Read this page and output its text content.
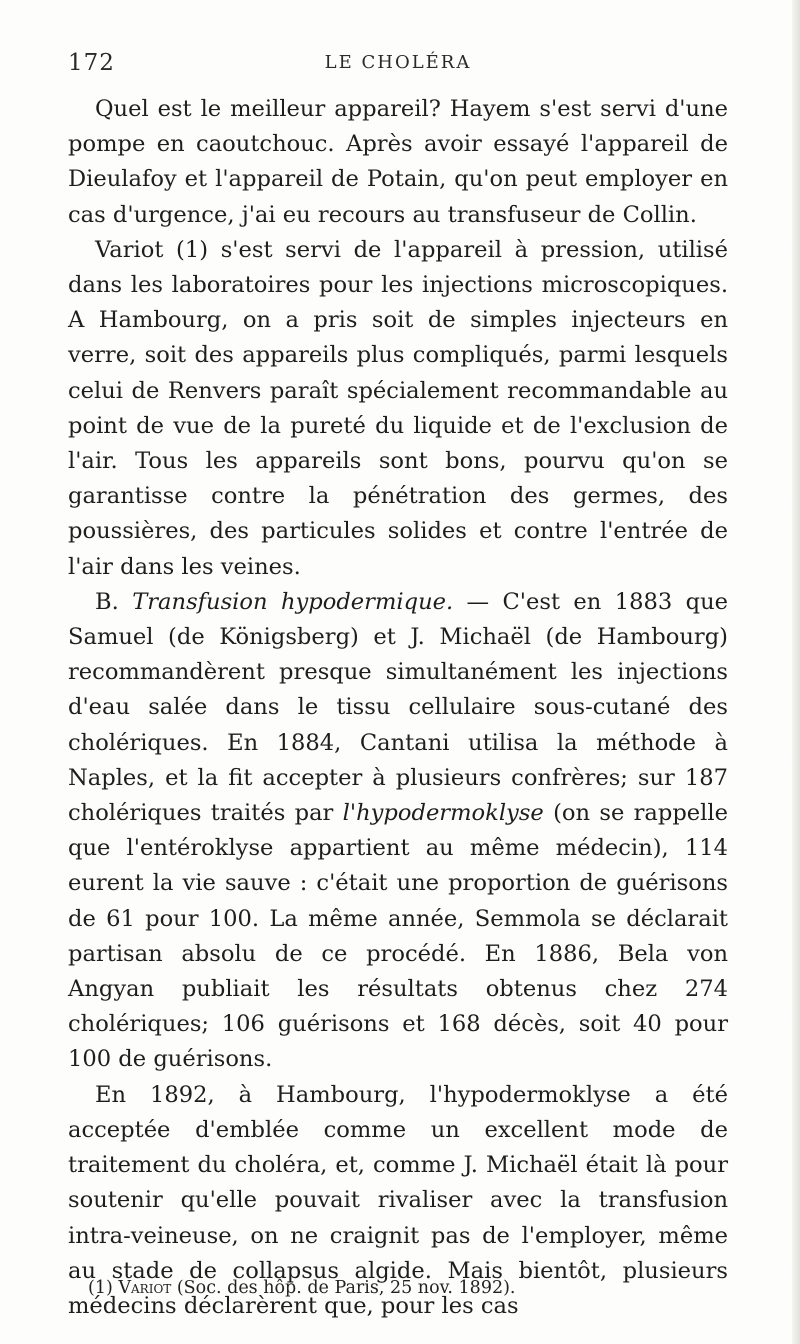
172	LE CHOLÉRA

Quel est le meilleur appareil? Hayem s'est servi d'une pompe en caoutchouc. Après avoir essayé l'appareil de Dieulafoy et l'appareil de Potain, qu'on peut employer en cas d'urgence, j'ai eu recours au transfuseur de Collin.

Variot (1) s'est servi de l'appareil à pression, utilisé dans les laboratoires pour les injections microscopiques. A Hambourg, on a pris soit de simples injecteurs en verre, soit des appareils plus compliqués, parmi lesquels celui de Renvers paraît spécialement recommandable au point de vue de la pureté du liquide et de l'exclusion de l'air. Tous les appareils sont bons, pourvu qu'on se garantisse contre la pénétration des germes, des poussières, des particules solides et contre l'entrée de l'air dans les veines.

B. Transfusion hypodermique. — C'est en 1883 que Samuel (de Königsberg) et J. Michaël (de Hambourg) recommandèrent presque simultanément les injections d'eau salée dans le tissu cellulaire sous-cutané des cholériques. En 1884, Cantani utilisa la méthode à Naples, et la fit accepter à plusieurs confrères; sur 187 cholériques traités par l'hypodermoklyse (on se rappelle que l'entéroklyse appartient au même médecin), 114 eurent la vie sauve : c'était une proportion de guérisons de 61 pour 100. La même année, Semmola se déclarait partisan absolu de ce procédé. En 1886, Bela von Angyan publiait les résultats obtenus chez 274 cholériques; 106 guérisons et 168 décès, soit 40 pour 100 de guérisons.

En 1892, à Hambourg, l'hypodermoklyse a été acceptée d'emblée comme un excellent mode de traitement du choléra, et, comme J. Michaël était là pour soutenir qu'elle pouvait rivaliser avec la transfusion intra-veineuse, on ne craignit pas de l'employer, même au stade de collapsus algide. Mais bientôt, plusieurs médecins déclarèrent que, pour les cas

(1) Variot (Soc. des hôp. de Paris, 25 nov. 1892).
